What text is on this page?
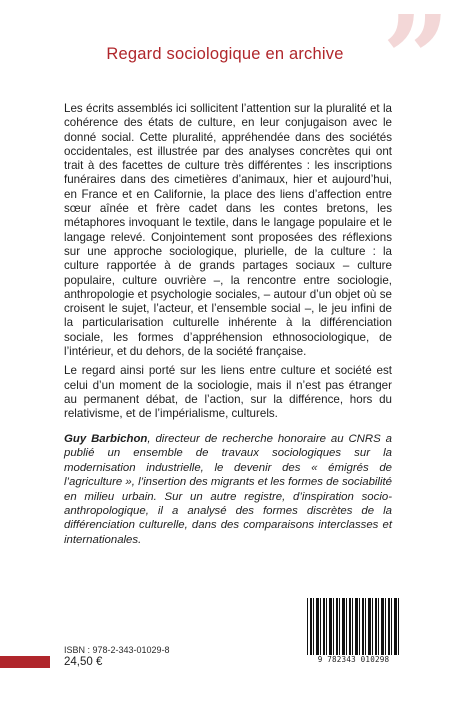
”
Regard sociologique en archive

Les écrits assemblés ici sollicitent l’attention sur la pluralité et la cohérence des états de culture, en leur conjugaison avec le donné social. Cette pluralité, appréhendée dans des sociétés occidentales, est illustrée par des analyses concrètes qui ont trait à des facettes de culture très différentes : les inscriptions funéraires dans des cimetières d’animaux, hier et aujourd’hui, en France et en Californie, la place des liens d’affection entre sœur aînée et frère cadet dans les contes bretons, les métaphores invoquant le textile, dans le langage populaire et le langage relevé. Conjointement sont proposées des réflexions sur une approche sociologique, plurielle, de la culture : la culture rapportée à de grands partages sociaux – culture populaire, culture ouvrière –, la rencontre entre sociologie, anthropologie et psychologie sociales, – autour d’un objet où se croisent le sujet, l’acteur, et l’ensemble social –, le jeu infini de la particularisation culturelle inhérente à la différenciation sociale, les formes d’appréhension ethnosociologique, de l’intérieur, et du dehors, de la société française.

Le regard ainsi porté sur les liens entre culture et société est celui d’un moment de la sociologie, mais il n’est pas étranger au permanent débat, de l’action, sur la différence, hors du relativisme, et de l’impérialisme, culturels.

Guy Barbichon, directeur de recherche honoraire au CNRS a publié un ensemble de travaux sociologiques sur la modernisation industrielle, le devenir des « émigrés de l’agriculture », l’insertion des migrants et les formes de sociabilité en milieu urbain. Sur un autre registre, d’inspiration socio-anthropologique, il a analysé des formes discrètes de la différenciation culturelle, dans des comparaisons interclasses et internationales.
9 782343 010298
ISBN : 978-2-343-01029-8
24,50 €
